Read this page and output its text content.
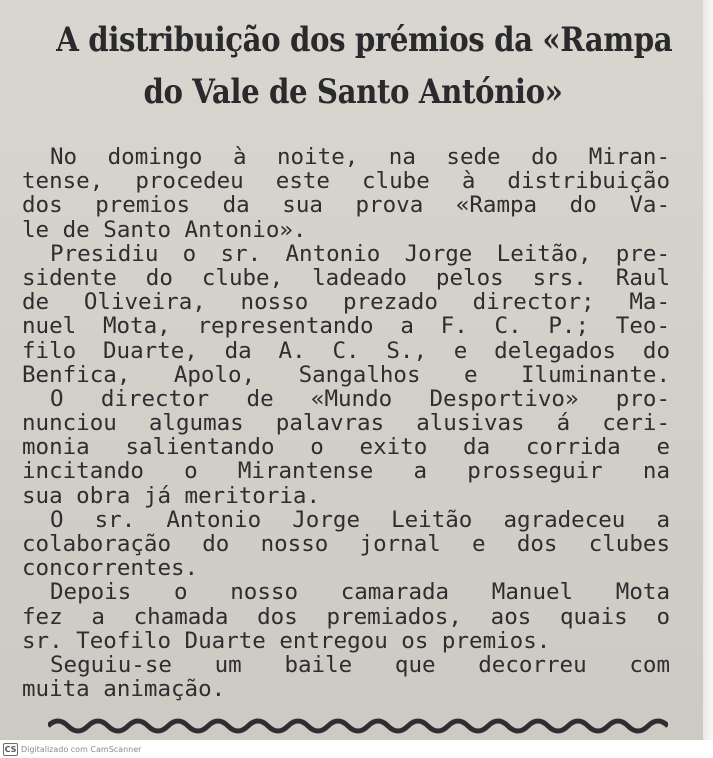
A distribuição dos prémios da «Rampa
do Vale de Santo António»
No domingo à noite, na sede do Miran-
tense, procedeu este clube à distribuição
dos premios da sua prova «Rampa do Va-
le de Santo Antonio».
Presidiu o sr. Antonio Jorge Leitão, pre-
sidente do clube, ladeado pelos srs. Raul
de Oliveira, nosso prezado director; Ma-
nuel Mota, representando a F. C. P.; Teo-
filo Duarte, da A. C. S., e delegados do
Benfica, Apolo, Sangalhos e Iluminante.
O director de «Mundo Desportivo» pro-
nunciou algumas palavras alusivas á ceri-
monia salientando o exito da corrida e
incitando o Mirantense a prosseguir na
sua obra já meritoria.
O sr. Antonio Jorge Leitão agradeceu a
colaboração do nosso jornal e dos clubes
concorrentes.
Depois o nosso camarada Manuel Mota
fez a chamada dos premiados, aos quais o
sr. Teofilo Duarte entregou os premios.
Seguiu-se um baile que decorreu com
muita animação.
CS Digitalizado com CamScanner
